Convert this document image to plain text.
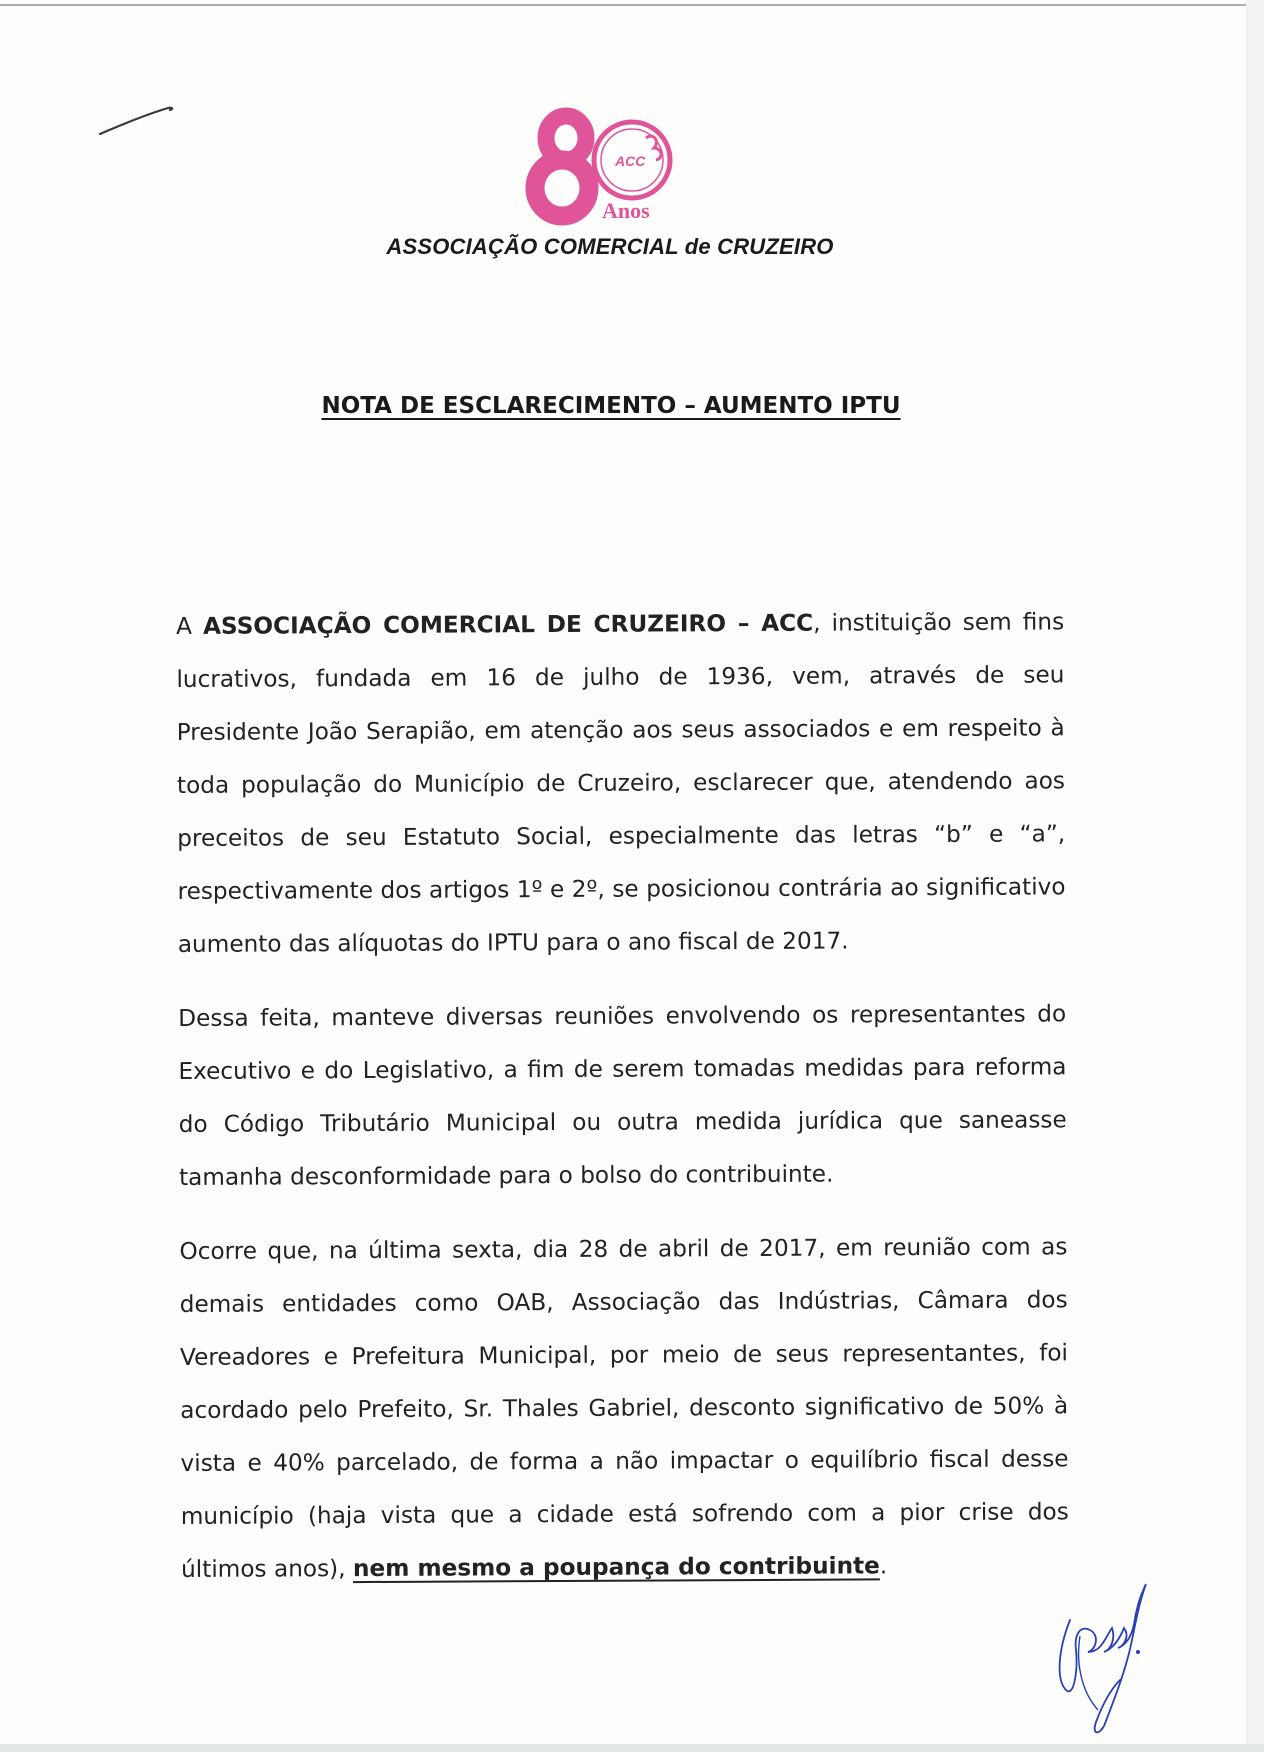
ACC
Anos
ASSOCIAÇÃO COMERCIAL de CRUZEIRO
NOTA DE ESCLARECIMENTO – AUMENTO IPTU

A ASSOCIAÇÃO COMERCIAL DE CRUZEIRO – ACC, instituição sem fins lucrativos, fundada em 16 de julho de 1936, vem, através de seu Presidente João Serapião, em atenção aos seus associados e em respeito à toda população do Município de Cruzeiro, esclarecer que, atendendo aos preceitos de seu Estatuto Social, especialmente das letras “b” e “a”, respectivamente dos artigos 1º e 2º, se posicionou contrária ao significativo aumento das alíquotas do IPTU para o ano fiscal de 2017.

Dessa feita, manteve diversas reuniões envolvendo os representantes do Executivo e do Legislativo, a fim de serem tomadas medidas para reforma do Código Tributário Municipal ou outra medida jurídica que saneasse tamanha desconformidade para o bolso do contribuinte.

Ocorre que, na última sexta, dia 28 de abril de 2017, em reunião com as demais entidades como OAB, Associação das Indústrias, Câmara dos Vereadores e Prefeitura Municipal, por meio de seus representantes, foi acordado pelo Prefeito, Sr. Thales Gabriel, desconto significativo de 50% à vista e 40% parcelado, de forma a não impactar o equilíbrio fiscal desse município (haja vista que a cidade está sofrendo com a pior crise dos últimos anos), nem mesmo a poupança do contribuinte.
